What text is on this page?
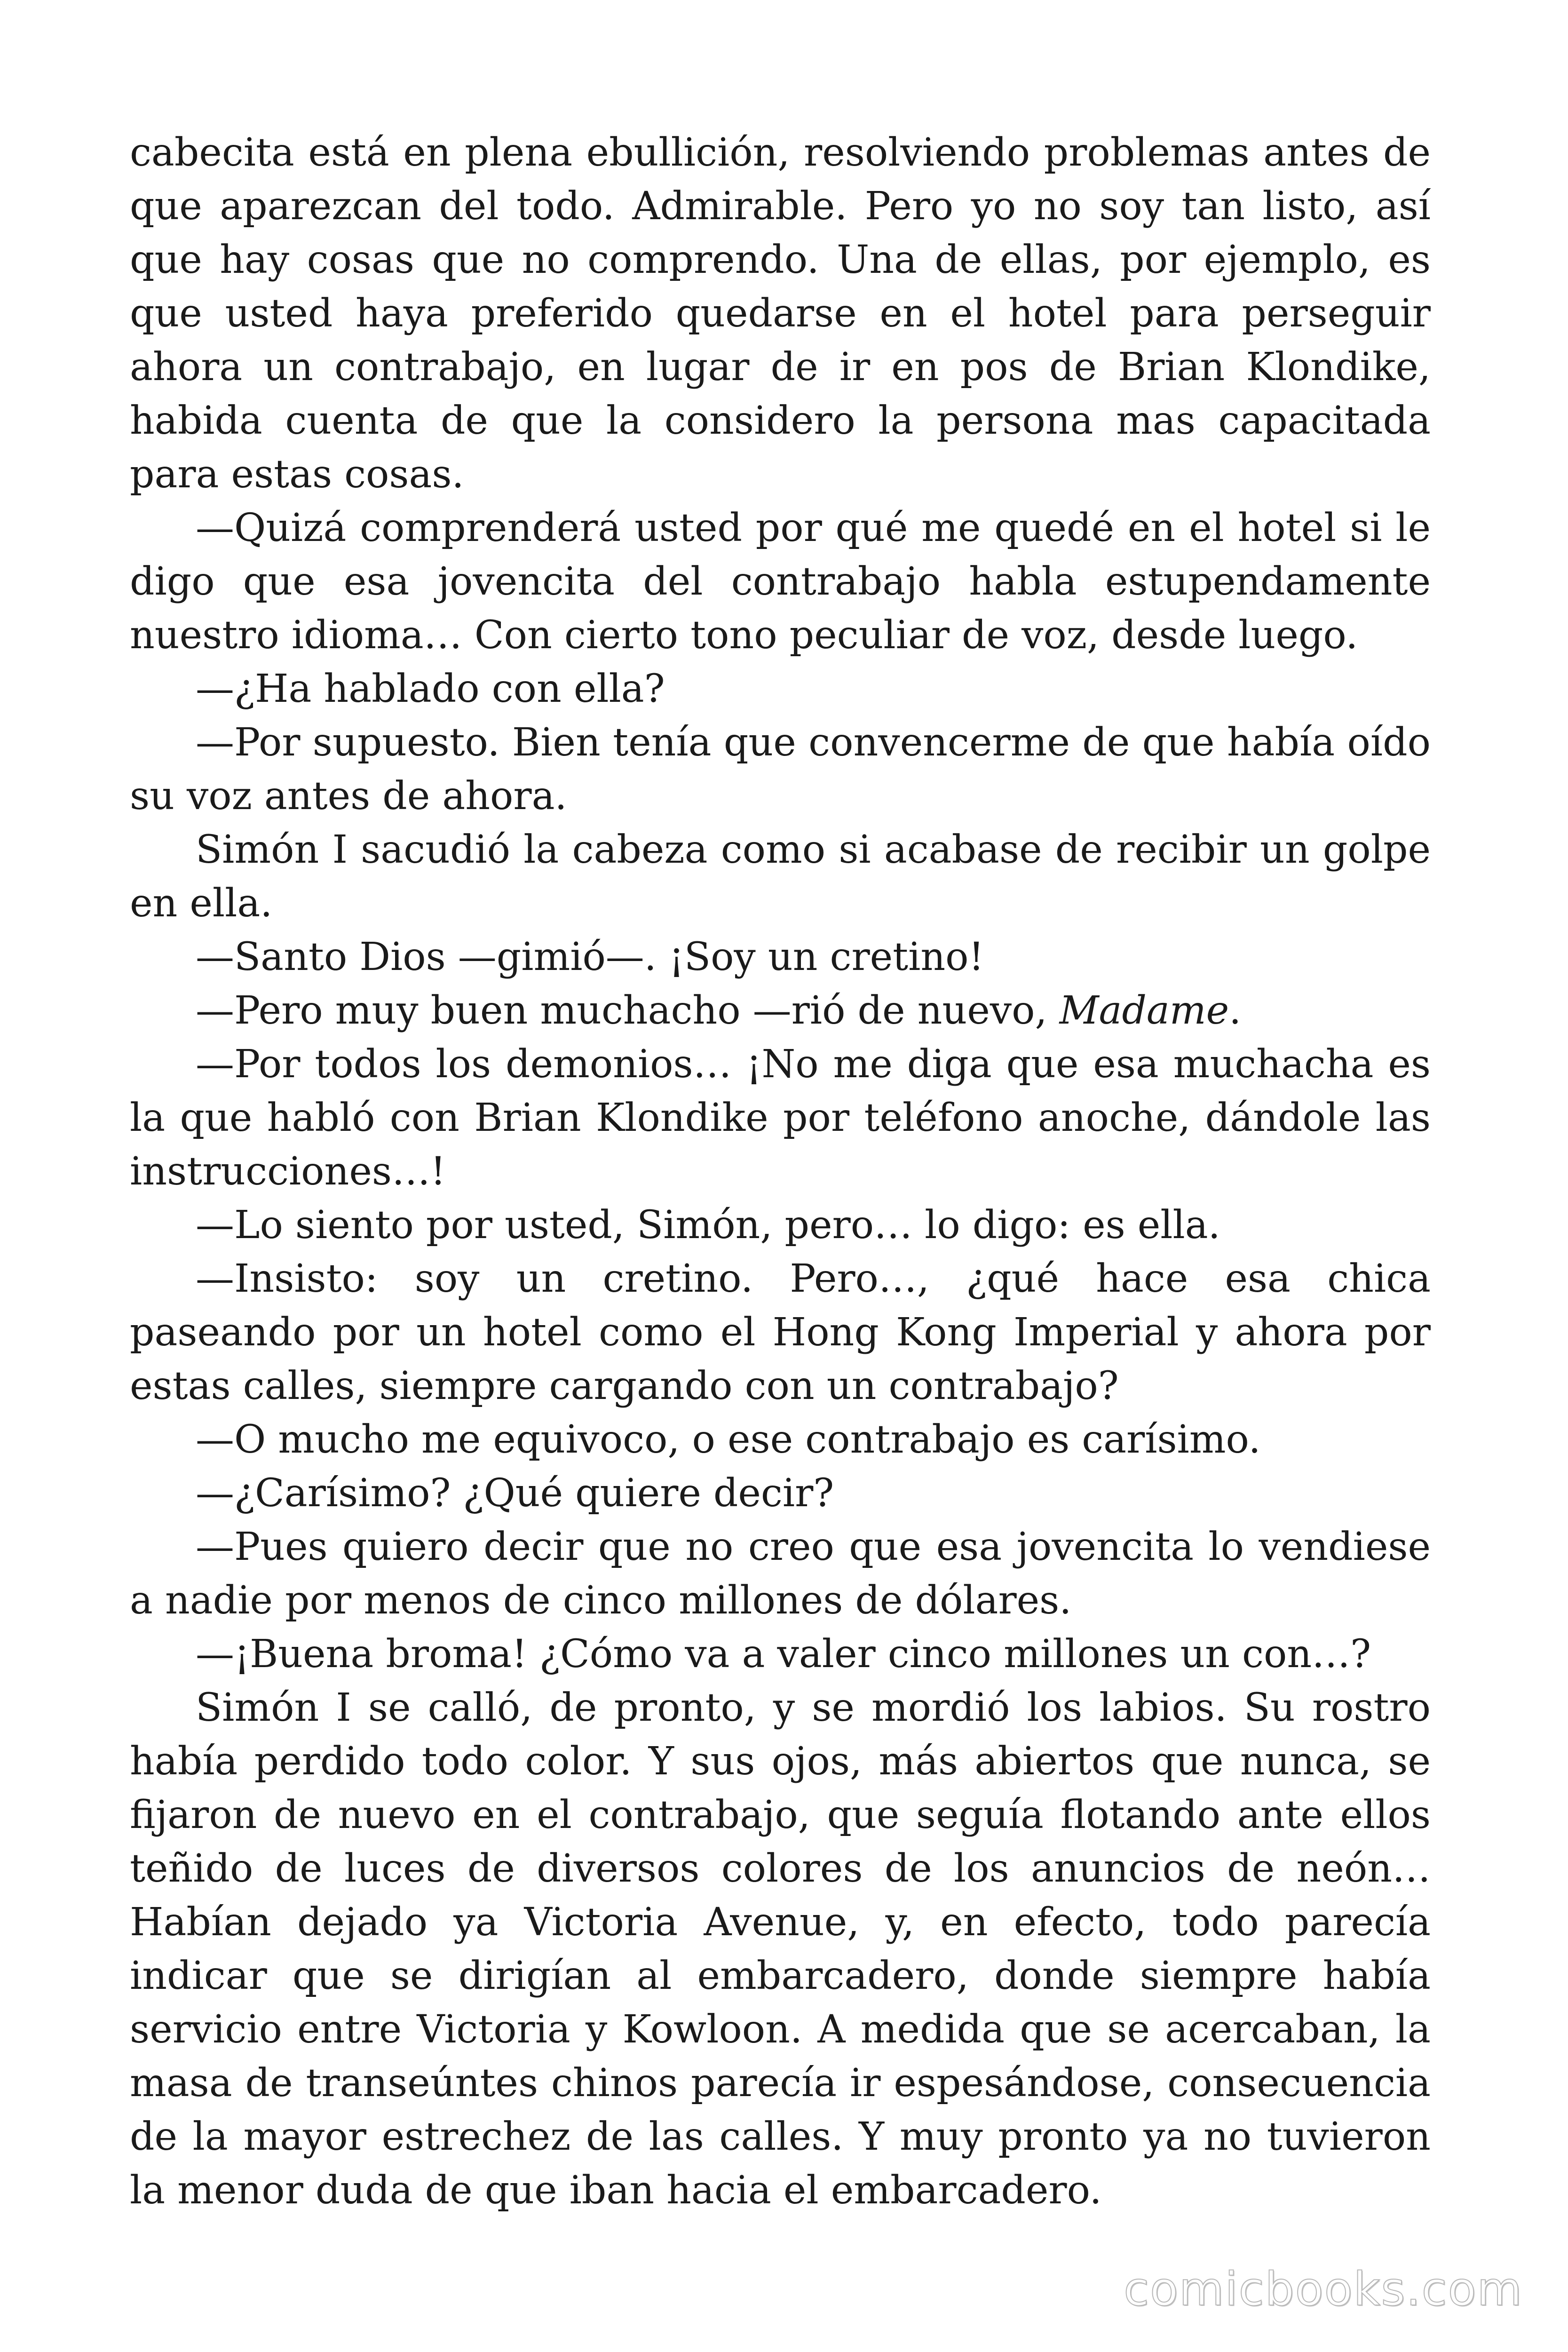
cabecita está en plena ebullición, resolviendo problemas antes de que aparezcan del todo. Admirable. Pero yo no soy tan listo, así que hay cosas que no comprendo. Una de ellas, por ejemplo, es que usted haya preferido quedarse en el hotel para perseguir ahora un contrabajo, en lugar de ir en pos de Brian Klondike, habida cuenta de que la considero la persona mas capacitada para estas cosas.

—Quizá comprenderá usted por qué me quedé en el hotel si le digo que esa jovencita del contrabajo habla estupendamente nuestro idioma… Con cierto tono peculiar de voz, desde luego.

—¿Ha hablado con ella?

—Por supuesto. Bien tenía que convencerme de que había oído su voz antes de ahora.

Simón I sacudió la cabeza como si acabase de recibir un golpe en ella.

—Santo Dios —gimió—. ¡Soy un cretino!

—Pero muy buen muchacho —rió de nuevo, Madame.

—Por todos los demonios… ¡No me diga que esa muchacha es la que habló con Brian Klondike por teléfono anoche, dándole las instrucciones…!

—Lo siento por usted, Simón, pero… lo digo: es ella.

—Insisto: soy un cretino. Pero…, ¿qué hace esa chica paseando por un hotel como el Hong Kong Imperial y ahora por estas calles, siempre cargando con un contrabajo?

—O mucho me equivoco, o ese contrabajo es carísimo.

—¿Carísimo? ¿Qué quiere decir?

—Pues quiero decir que no creo que esa jovencita lo vendiese a nadie por menos de cinco millones de dólares.

—¡Buena broma! ¿Cómo va a valer cinco millones un con…?

Simón I se calló, de pronto, y se mordió los labios. Su rostro había perdido todo color. Y sus ojos, más abiertos que nunca, se fijaron de nuevo en el contrabajo, que seguía flotando ante ellos teñido de luces de diversos colores de los anuncios de neón… Habían dejado ya Victoria Avenue, y, en efecto, todo parecía indicar que se dirigían al embarcadero, donde siempre había servicio entre Victoria y Kowloon. A medida que se acercaban, la masa de transeúntes chinos parecía ir espesándose, consecuencia de la mayor estrechez de las calles. Y muy pronto ya no tuvieron la menor duda de que iban hacia el embarcadero.

comicbooks.com
